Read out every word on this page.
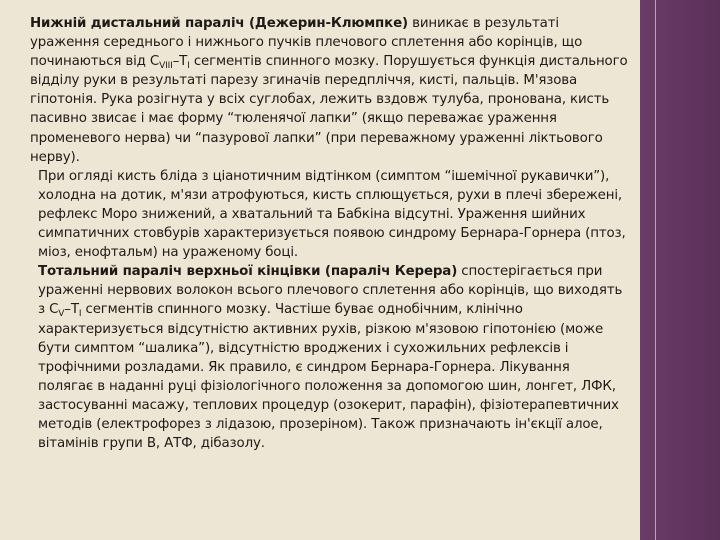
Нижній дистальний параліч (Дежерин-Клюмпке) виникає в результаті ураження середнього і нижнього пучків плечового сплетення або корінців, що починаються від $C_{VIII}-T_I$ сегментів спинного мозку. Порушується функція дистального відділу руки в результаті парезу згиначів передпліччя, кисті, пальців. М'язова гіпотонія. Рука розігнута у всіх суглобах, лежить вздовж тулуба, пронована, кисть пасивно звисає і має форму “тюленячої лапки” (якщо переважає ураження променевого нерва) чи “пазурової лапки” (при переважному ураженні ліктьового нерву).

При огляді кисть бліда з ціанотичним відтінком (симптом “ішемічної рукавички”), холодна на дотик, м'язи атрофуються, кисть сплющується, рухи в плечі збережені, рефлекс Моро знижений, а хватальний та Бабкіна відсутні. Ураження шийних симпатичних стовбурів характеризується появою синдрому Бернара-Горнера (птоз, міоз, енофтальм) на ураженому боці.

Тотальний параліч верхньої кінцівки (параліч Керера) спостерігається при ураженні нервових волокон всього плечового сплетення або корінців, що виходять з $C_V-T_I$ сегментів спинного мозку. Частіше буває однобічним, клінічно характеризується відсутністю активних рухів, різкою м'язовою гіпотонією (може бути симптом “шалика”), відсутністю вроджених і сухожильних рефлексів і трофічними розладами. Як правило, є синдром Бернара-Горнера. Лікування полягає в наданні руці фізіологічного положення за допомогою шин, лонгет, ЛФК, застосуванні масажу, теплових процедур (озокерит, парафін), фізіотерапевтичних методів (електрофорез з лідазою, прозеріном). Також призначають ін'єкції алое, вітамінів групи В, АТФ, дібазолу.
